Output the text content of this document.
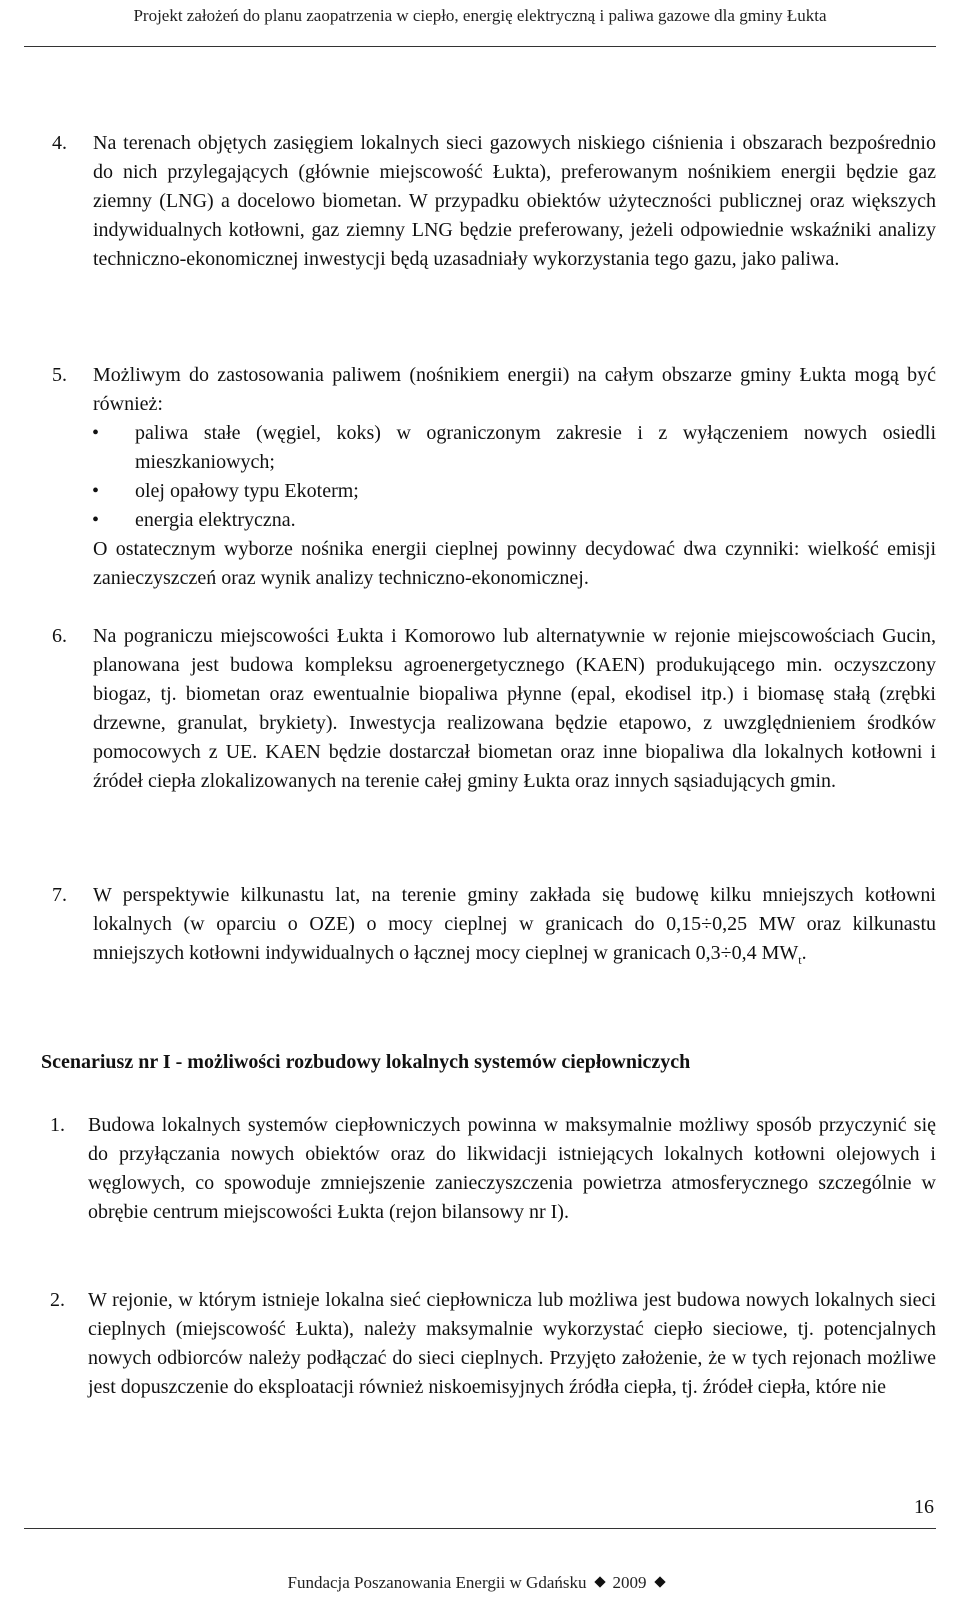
Projekt założeń do planu zaopatrzenia w ciepło, energię elektryczną i paliwa gazowe dla gminy Łukta
4. Na terenach objętych zasięgiem lokalnych sieci gazowych niskiego ciśnienia i obszarach bezpośrednio do nich przylegających (głównie miejscowość Łukta), preferowanym nośnikiem energii będzie gaz ziemny (LNG) a docelowo biometan. W przypadku obiektów użyteczności publicznej oraz większych indywidualnych kotłowni, gaz ziemny LNG będzie preferowany, jeżeli odpowiednie wskaźniki analizy techniczno-ekonomicznej inwestycji będą uzasadniały wykorzystania tego gazu, jako paliwa.
5. Możliwym do zastosowania paliwem (nośnikiem energii) na całym obszarze gminy Łukta mogą być również:
• paliwa stałe (węgiel, koks) w ograniczonym zakresie i z wyłączeniem nowych osiedli mieszkaniowych;
• olej opałowy typu Ekoterm;
• energia elektryczna.
O ostatecznym wyborze nośnika energii cieplnej powinny decydować dwa czynniki: wielkość emisji zanieczyszczeń oraz wynik analizy techniczno-ekonomicznej.
6. Na pograniczu miejscowości Łukta i Komorowo lub alternatywnie w rejonie miejscowościach Gucin, planowana jest budowa kompleksu agroenergetycznego (KAEN) produkującego min. oczyszczony biogaz, tj. biometan oraz ewentualnie biopaliwa płynne (epal, ekodisel itp.) i biomasę stałą (zrębki drzewne, granulat, brykiety). Inwestycja realizowana będzie etapowo, z uwzględnieniem środków pomocowych z UE. KAEN będzie dostarczał biometan oraz inne biopaliwa dla lokalnych kotłowni i źródeł ciepła zlokalizowanych na terenie całej gminy Łukta oraz innych sąsiadujących gmin.
7. W perspektywie kilkunastu lat, na terenie gminy zakłada się budowę kilku mniejszych kotłowni lokalnych (w oparciu o OZE) o mocy cieplnej w granicach do 0,15÷0,25 MW oraz kilkunastu mniejszych kotłowni indywidualnych o łącznej mocy cieplnej w granicach 0,3÷0,4 $MW_t$.
Scenariusz nr I - możliwości rozbudowy lokalnych systemów ciepłowniczych
1. Budowa lokalnych systemów ciepłowniczych powinna w maksymalnie możliwy sposób przyczynić się do przyłączania nowych obiektów oraz do likwidacji istniejących lokalnych kotłowni olejowych i węglowych, co spowoduje zmniejszenie zanieczyszczenia powietrza atmosferycznego szczególnie w obrębie centrum miejscowości Łukta (rejon bilansowy nr I).
2. W rejonie, w którym istnieje lokalna sieć ciepłownicza lub możliwa jest budowa nowych lokalnych sieci cieplnych (miejscowość Łukta), należy maksymalnie wykorzystać ciepło sieciowe, tj. potencjalnych nowych odbiorców należy podłączać do sieci cieplnych. Przyjęto założenie, że w tych rejonach możliwe jest dopuszczenie do eksploatacji również niskoemisyjnych źródła ciepła, tj. źródeł ciepła, które nie
16
Fundacja Poszanowania Energii w Gdańsku 2009
